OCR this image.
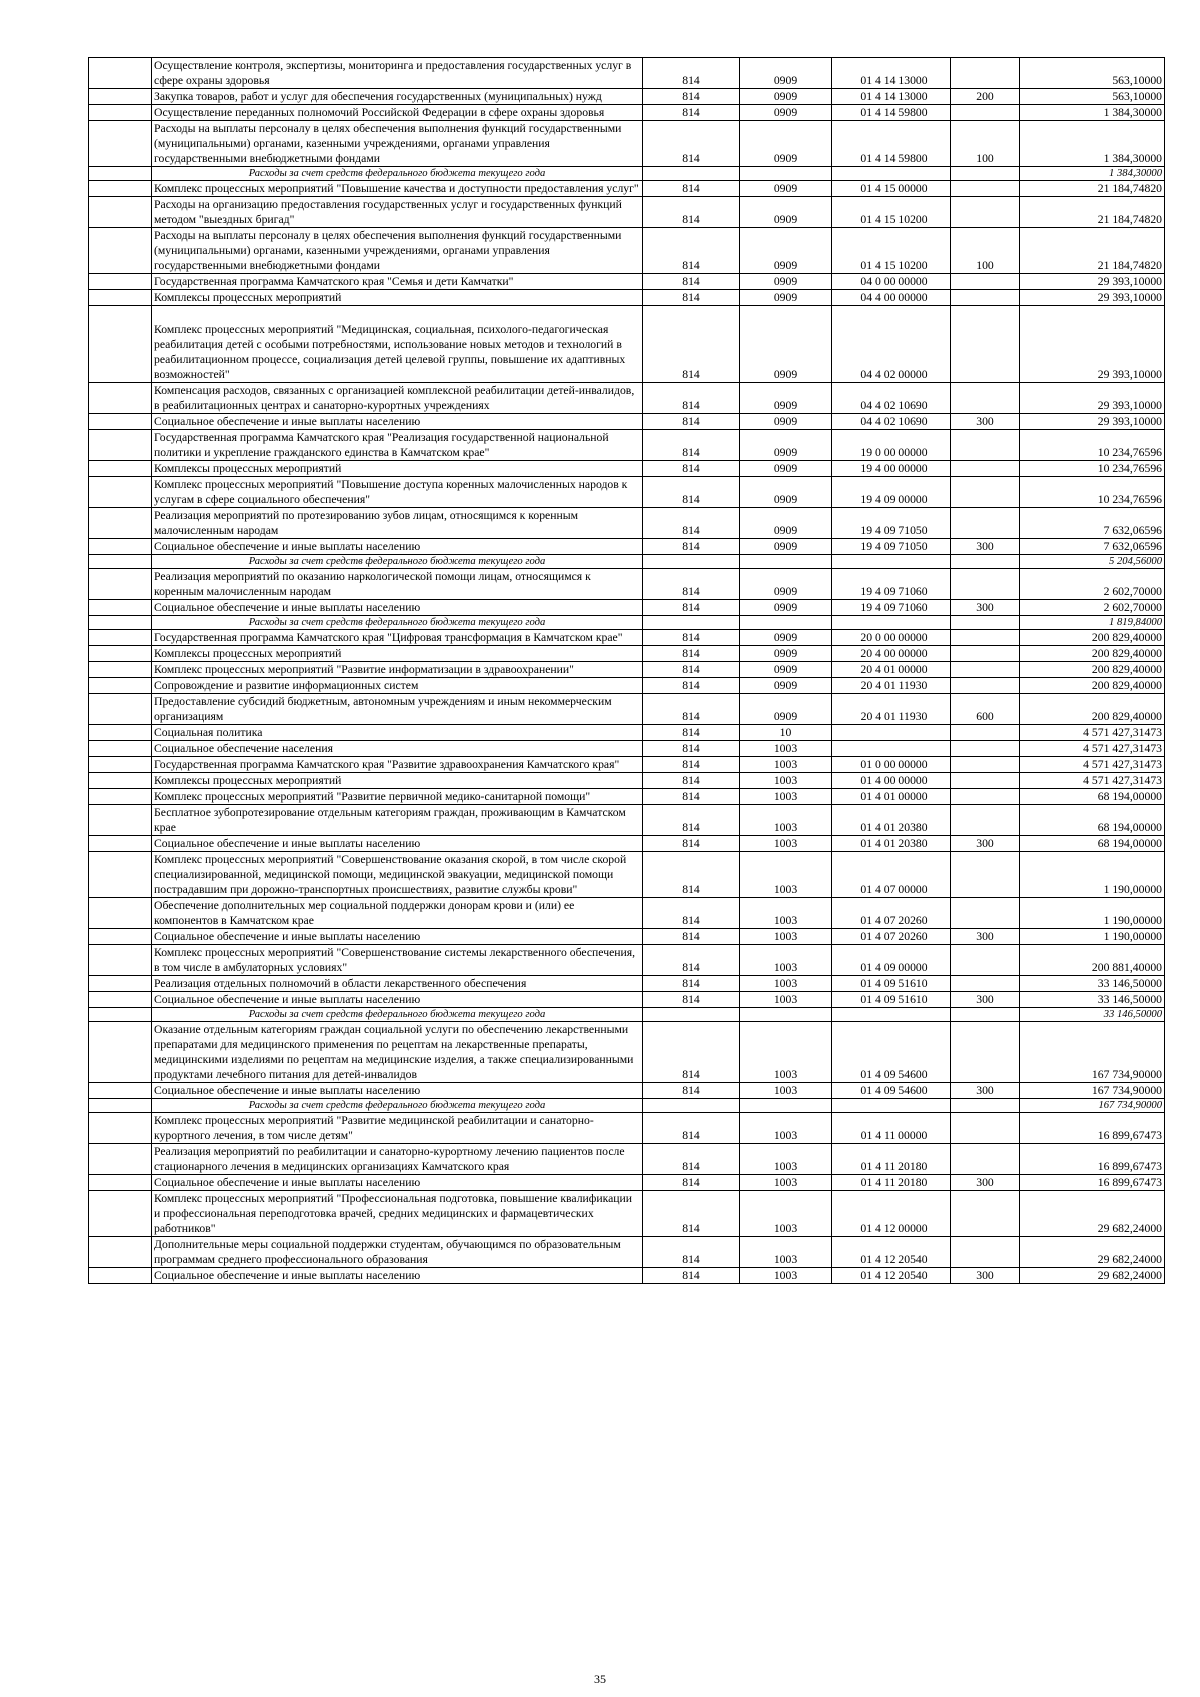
	Осуществление контроля, экспертизы, мониторинга и предоставления государственных услуг в сфере охраны здоровья	814	0909	01 4 14 13000		563,10000
	Закупка товаров, работ и услуг для обеспечения государственных (муниципальных) нужд	814	0909	01 4 14 13000	200	563,10000
	Осуществление переданных полномочий Российской Федерации в сфере охраны здоровья	814	0909	01 4 14 59800		1 384,30000
	Расходы на выплаты персоналу в целях обеспечения выполнения функций государственными (муниципальными) органами, казенными учреждениями, органами управления государственными внебюджетными фондами	814	0909	01 4 14 59800	100	1 384,30000
	Расходы за счет средств федерального бюджета текущего года					1 384,30000
	Комплекс процессных мероприятий "Повышение качества и доступности предоставления услуг"	814	0909	01 4 15 00000		21 184,74820
	Расходы на организацию предоставления государственных услуг и государственных функций методом "выездных бригад"	814	0909	01 4 15 10200		21 184,74820
	Расходы на выплаты персоналу в целях обеспечения выполнения функций государственными (муниципальными) органами, казенными учреждениями, органами управления государственными внебюджетными фондами	814	0909	01 4 15 10200	100	21 184,74820
	Государственная программа Камчатского края "Семья и дети Камчатки"	814	0909	04 0 00 00000		29 393,10000
	Комплексы процессных мероприятий	814	0909	04 4 00 00000		29 393,10000
	Комплекс процессных мероприятий "Медицинская, социальная, психолого-педагогическая реабилитация детей с особыми потребностями, использование новых методов и технологий в реабилитационном процессе, социализация детей целевой группы, повышение их адаптивных возможностей"	814	0909	04 4 02 00000		29 393,10000
	Компенсация расходов, связанных с организацией комплексной реабилитации детей-инвалидов, в реабилитационных центрах и санаторно-курортных учреждениях	814	0909	04 4 02 10690		29 393,10000
	Социальное обеспечение и иные выплаты населению	814	0909	04 4 02 10690	300	29 393,10000
	Государственная программа Камчатского края "Реализация государственной национальной политики и укрепление гражданского единства в Камчатском крае"	814	0909	19 0 00 00000		10 234,76596
	Комплексы процессных мероприятий	814	0909	19 4 00 00000		10 234,76596
	Комплекс процессных мероприятий "Повышение доступа коренных малочисленных народов к услугам в сфере социального обеспечения"	814	0909	19 4 09 00000		10 234,76596
	Реализация мероприятий по протезированию зубов лицам, относящимся к коренным малочисленным народам	814	0909	19 4 09 71050		7 632,06596
	Социальное обеспечение и иные выплаты населению	814	0909	19 4 09 71050	300	7 632,06596
	Расходы за счет средств федерального бюджета текущего года					5 204,56000
	Реализация мероприятий по оказанию наркологической помощи лицам, относящимся к коренным малочисленным народам	814	0909	19 4 09 71060		2 602,70000
	Социальное обеспечение и иные выплаты населению	814	0909	19 4 09 71060	300	2 602,70000
	Расходы за счет средств федерального бюджета текущего года					1 819,84000
	Государственная программа Камчатского края "Цифровая трансформация в Камчатском крае"	814	0909	20 0 00 00000		200 829,40000
	Комплексы процессных мероприятий	814	0909	20 4 00 00000		200 829,40000
	Комплекс процессных мероприятий "Развитие информатизации в здравоохранении"	814	0909	20 4 01 00000		200 829,40000
	Сопровождение и развитие информационных систем	814	0909	20 4 01 11930		200 829,40000
	Предоставление субсидий бюджетным, автономным учреждениям и иным некоммерческим организациям	814	0909	20 4 01 11930	600	200 829,40000
	Социальная политика	814	10			4 571 427,31473
	Социальное обеспечение населения	814	1003			4 571 427,31473
	Государственная программа Камчатского края "Развитие здравоохранения Камчатского края"	814	1003	01 0 00 00000		4 571 427,31473
	Комплексы процессных мероприятий	814	1003	01 4 00 00000		4 571 427,31473
	Комплекс процессных мероприятий "Развитие первичной медико-санитарной помощи"	814	1003	01 4 01 00000		68 194,00000
	Бесплатное зубопротезирование отдельным категориям граждан, проживающим в Камчатском крае	814	1003	01 4 01 20380		68 194,00000
	Социальное обеспечение и иные выплаты населению	814	1003	01 4 01 20380	300	68 194,00000
	Комплекс процессных мероприятий "Совершенствование оказания скорой, в том числе скорой специализированной, медицинской помощи, медицинской эвакуации, медицинской помощи пострадавшим при дорожно-транспортных происшествиях, развитие службы крови"	814	1003	01 4 07 00000		1 190,00000
	Обеспечение дополнительных мер социальной поддержки донорам крови и (или) ее компонентов в Камчатском крае	814	1003	01 4 07 20260		1 190,00000
	Социальное обеспечение и иные выплаты населению	814	1003	01 4 07 20260	300	1 190,00000
	Комплекс процессных мероприятий "Совершенствование системы лекарственного обеспечения, в том числе в амбулаторных условиях"	814	1003	01 4 09 00000		200 881,40000
	Реализация отдельных полномочий в области лекарственного обеспечения	814	1003	01 4 09 51610		33 146,50000
	Социальное обеспечение и иные выплаты населению	814	1003	01 4 09 51610	300	33 146,50000
	Расходы за счет средств федерального бюджета текущего года					33 146,50000
	Оказание отдельным категориям граждан социальной услуги по обеспечению лекарственными препаратами для медицинского применения по рецептам на лекарственные препараты, медицинскими изделиями по рецептам на медицинские изделия, а также специализированными продуктами лечебного питания для детей-инвалидов	814	1003	01 4 09 54600		167 734,90000
	Социальное обеспечение и иные выплаты населению	814	1003	01 4 09 54600	300	167 734,90000
	Расходы за счет средств федерального бюджета текущего года					167 734,90000
	Комплекс процессных мероприятий "Развитие медицинской реабилитации и санаторно-курортного лечения, в том числе детям"	814	1003	01 4 11 00000		16 899,67473
	Реализация мероприятий по реабилитации и санаторно-курортному лечению пациентов после стационарного лечения в медицинских организациях Камчатского края	814	1003	01 4 11 20180		16 899,67473
	Социальное обеспечение и иные выплаты населению	814	1003	01 4 11 20180	300	16 899,67473
	Комплекс процессных мероприятий "Профессиональная подготовка, повышение квалификации и профессиональная переподготовка врачей, средних медицинских и фармацевтических работников"	814	1003	01 4 12 00000		29 682,24000
	Дополнительные меры социальной поддержки студентам, обучающимся по образовательным программам среднего профессионального образования	814	1003	01 4 12 20540		29 682,24000
	Социальное обеспечение и иные выплаты населению	814	1003	01 4 12 20540	300	29 682,24000
35
